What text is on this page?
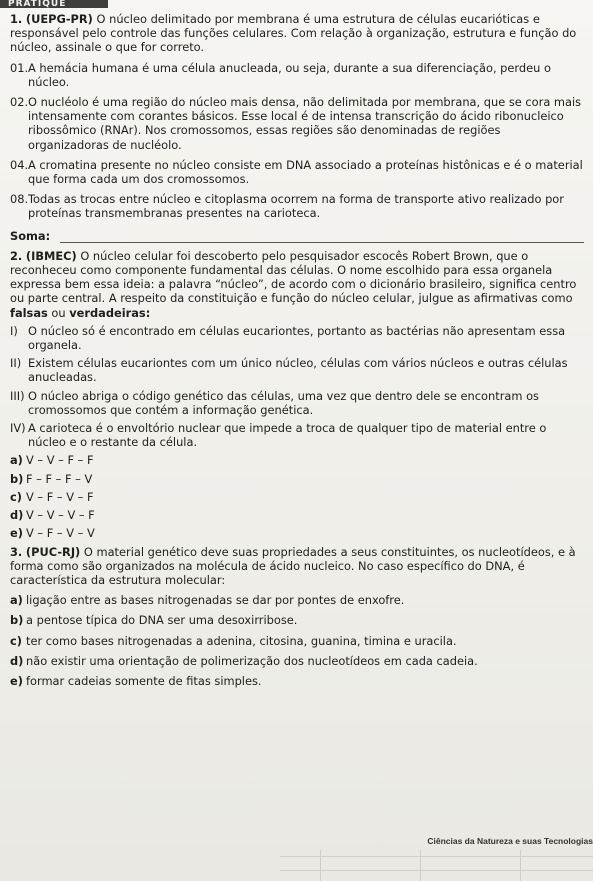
PRATIQUE
1. (UEPG-PR) O núcleo delimitado por membrana é uma estrutura de células eucarióticas e responsável pelo controle das funções celulares. Com relação à organização, estrutura e função do núcleo, assinale o que for correto.
01.A hemácia humana é uma célula anucleada, ou seja, durante a sua diferenciação, perdeu o núcleo.
02.O nucléolo é uma região do núcleo mais densa, não delimitada por membrana, que se cora mais intensamente com corantes básicos. Esse local é de intensa transcrição do ácido ribonucleico ribossômico (RNAr). Nos cromossomos, essas regiões são denominadas de regiões organizadoras de nucléolo.
04.A cromatina presente no núcleo consiste em DNA associado a proteínas histônicas e é o material que forma cada um dos cromossomos.
08.Todas as trocas entre núcleo e citoplasma ocorrem na forma de transporte ativo realizado por proteínas transmembranas presentes na carioteca.
Soma:
2. (IBMEC) O núcleo celular foi descoberto pelo pesquisador escocês Robert Brown, que o reconheceu como componente fundamental das células. O nome escolhido para essa organela expressa bem essa ideia: a palavra “núcleo”, de acordo com o dicionário brasileiro, significa centro ou parte central. A respeito da constituição e função do núcleo celular, julgue as afirmativas como falsas ou verdadeiras:
I) O núcleo só é encontrado em células eucariontes, portanto as bactérias não apresentam essa organela.
II) Existem células eucariontes com um único núcleo, células com vários núcleos e outras células anucleadas.
III) O núcleo abriga o código genético das células, uma vez que dentro dele se encontram os cromossomos que contém a informação genética.
IV) A carioteca é o envoltório nuclear que impede a troca de qualquer tipo de material entre o núcleo e o restante da célula.
a) V – V – F – F
b) F – F – F – V
c) V – F – V – F
d) V – V – V – F
e) V – F – V – V
3. (PUC-RJ) O material genético deve suas propriedades a seus constituintes, os nucleotídeos, e à forma como são organizados na molécula de ácido nucleico. No caso específico do DNA, é característica da estrutura molecular:
a) ligação entre as bases nitrogenadas se dar por pontes de enxofre.
b) a pentose típica do DNA ser uma desoxirribose.
c) ter como bases nitrogenadas a adenina, citosina, guanina, timina e uracila.
d) não existir uma orientação de polimerização dos nucleotídeos em cada cadeia.
e) formar cadeias somente de fitas simples.
Ciências da Natureza e suas Tecnologias
